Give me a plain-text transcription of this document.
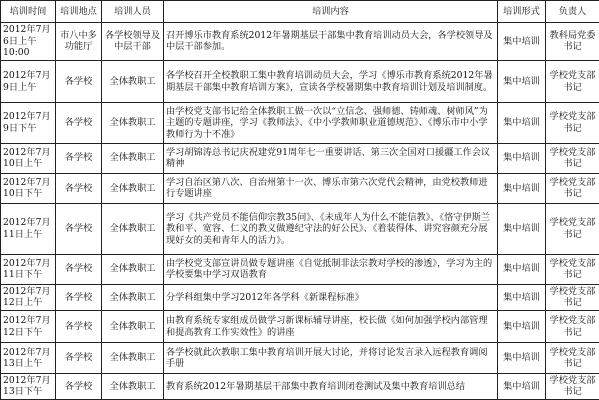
培训时间	培训地点	培训人员	培训内容	培训形式	负责人
2012年7月6日上午10:00	市八中多功能厅	各学校领导及中层干部	召开博乐市教育系统2012年暑期基层干部集中教育培训动员大会，各学校领导及中层干部参加。	集中培训	教科局党委书记
2012年7月9日上午	各学校	全体教职工	各学校召开全校教职工集中教育培训动员大会，学习《博乐市教育系统2012年暑期基层干部集中教育培训方案》，宣读各学校暑期集中教育培训计划及培训制度。	集中培训	学校党支部书记
2012年7月9日下午	各学校	全体教职工	由学校党支部书记给全体教职工做一次以“立信念、强师德、铸师魂、树师风”为主题的专题讲座，学习《教师法》、《中小学教师职业道德规范》、《博乐市中小学教师行为十不准》	集中培训	学校党支部书记
2012年7月10日上午	各学校	全体教职工	学习胡锦涛总书记庆祝建党91周年七一重要讲话、第三次全国对口援疆工作会议精神	集中培训	学校党支部书记
2012年7月10日下午	各学校	全体教职工	学习自治区第八次、自治州第十一次、博乐市第六次党代会精神，由党校教师进行专题讲座	集中培训	学校党支部书记
2012年7月11日上午	各学校	全体教职工	学习《共产党员不能信仰宗教35问》、《未成年人为什么不能信教》、《恪守伊斯兰教和平、宽容、仁义的教义做遵纪守法的好公民》、《着装得体、讲究容颜充分展现好女的美和青年人的活力》。	集中培训	学校党支部书记
2012年7月11日下午	各学校	全体教职工	由学校党支部宣讲员做专题讲座《自觉抵制非法宗教对学校的渗透》，学习为主的学校要集中学习双语教育	集中培训	学校党支部书记
2012年7月12日上午	各学校	全体教职工	分学科组集中学习2012年各学科《新课程标准》	集中培训	学校党支部书记
2012年7月12日下午	各学校	全体教职工	由教育系统专家组成员做学习新课标辅导讲座，校长做《如何加强学校内部管理和提高教育工作实效性》的讲座	集中培训	学校党支部书记
2012年7月13日上午	各学校	全体教职工	各学校就此次教职工集中教育培训开展大讨论，并将讨论发言录入远程教育调阅手册	集中培训	学校党支部书记
2012年7月13日下午	各学校	全体教职工	教育系统2012年暑期基层干部集中教育培训闭卷测试及集中教育培训总结	集中培训	学校党支部书记
